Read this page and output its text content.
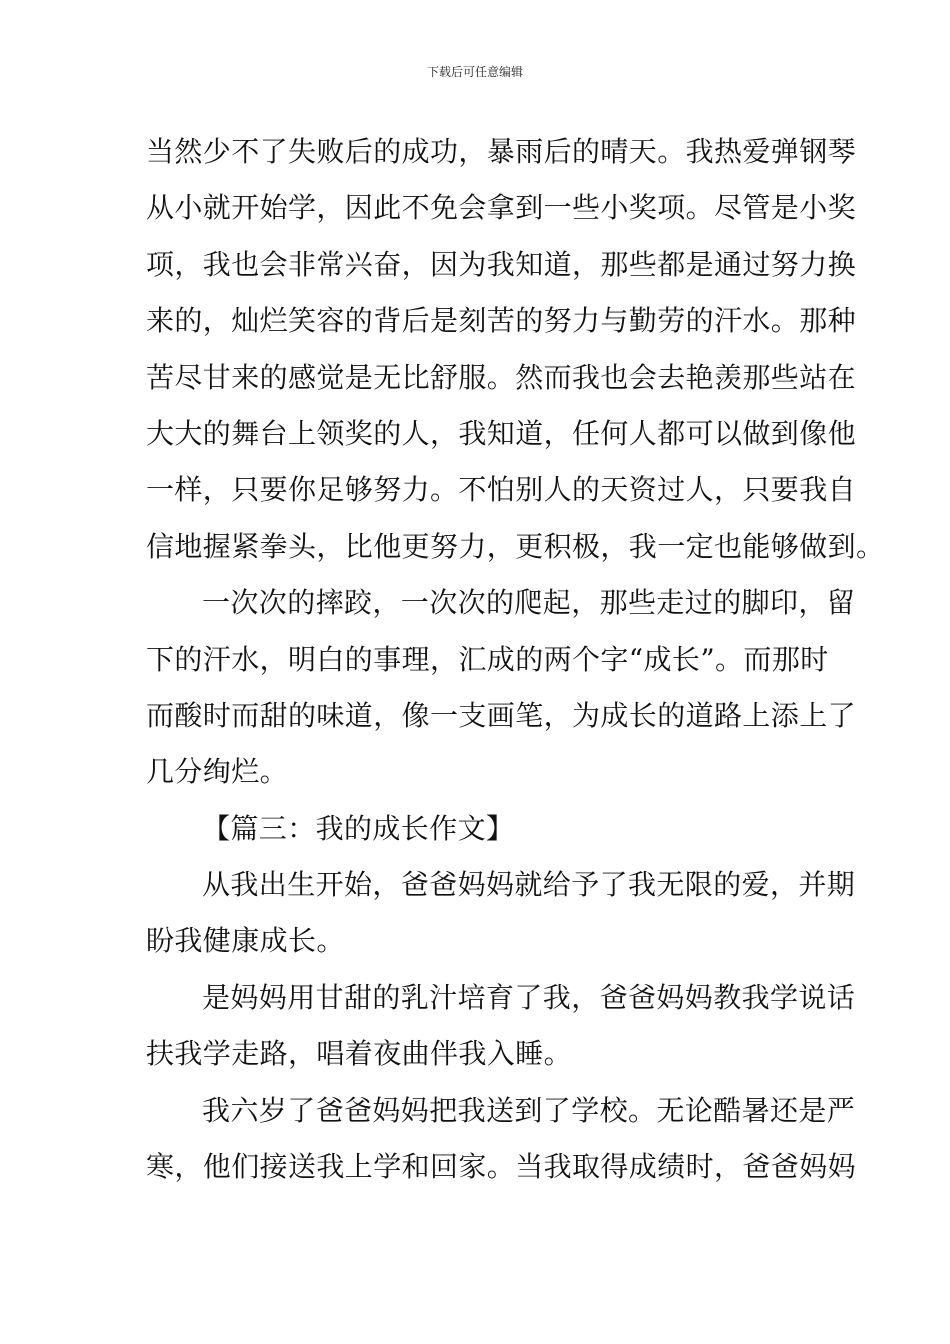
下载后可任意编辑
当然少不了失败后的成功，暴雨后的晴天。我热爱弹钢琴
从小就开始学，因此不免会拿到一些小奖项。尽管是小奖
项，我也会非常兴奋，因为我知道，那些都是通过努力换
来的，灿烂笑容的背后是刻苦的努力与勤劳的汗水。那种
苦尽甘来的感觉是无比舒服。然而我也会去艳羡那些站在
大大的舞台上领奖的人，我知道，任何人都可以做到像他
一样，只要你足够努力。不怕别人的天资过人，只要我自
信地握紧拳头，比他更努力，更积极，我一定也能够做到。
一次次的摔跤，一次次的爬起，那些走过的脚印，留
下的汗水，明白的事理，汇成的两个字“成长”。而那时
而酸时而甜的味道，像一支画笔，为成长的道路上添上了
几分绚烂。
【篇三：我的成长作文】
从我出生开始，爸爸妈妈就给予了我无限的爱，并期
盼我健康成长。
是妈妈用甘甜的乳汁培育了我，爸爸妈妈教我学说话
扶我学走路，唱着夜曲伴我入睡。
我六岁了爸爸妈妈把我送到了学校。无论酷暑还是严
寒，他们接送我上学和回家。当我取得成绩时，爸爸妈妈
